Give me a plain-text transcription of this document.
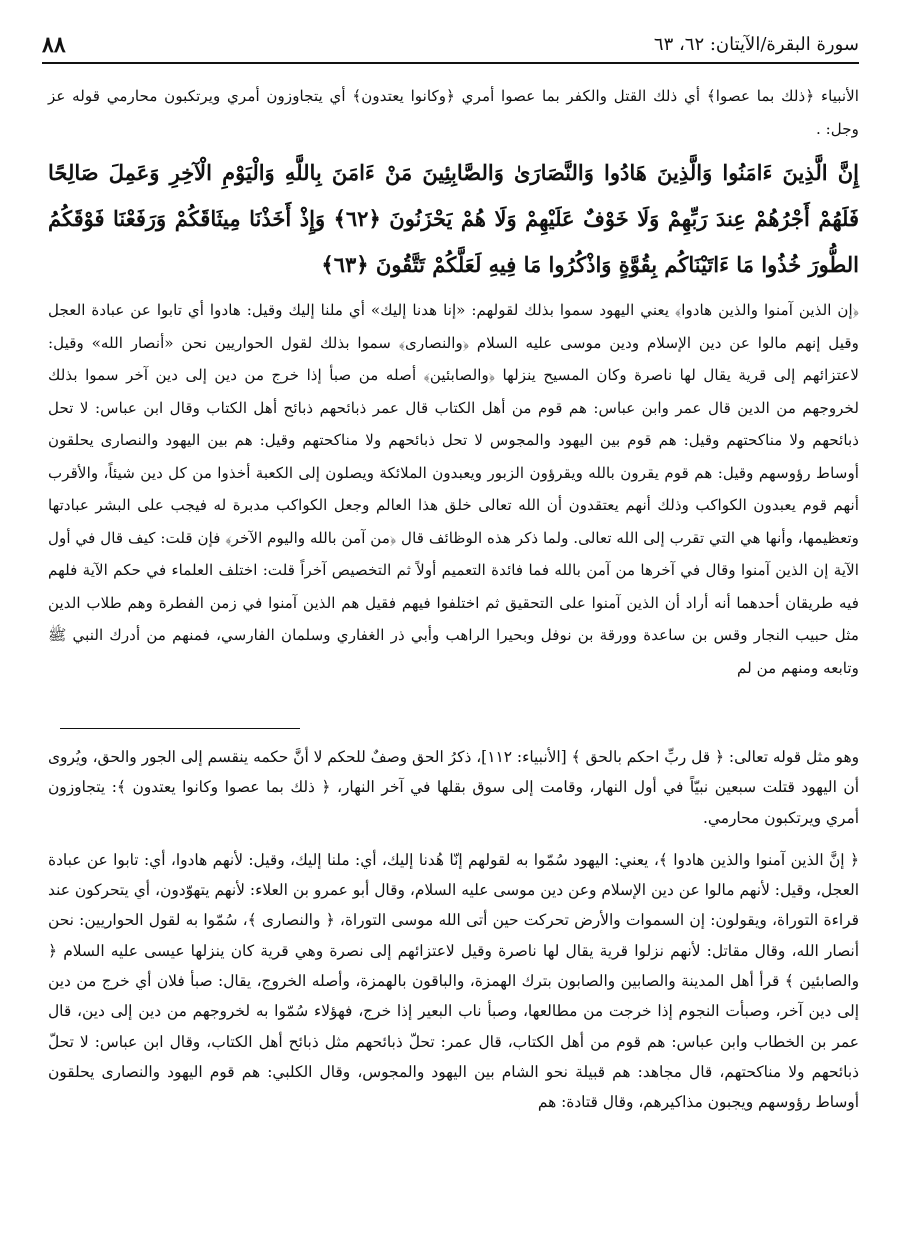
٨٨	سورة البقرة/الآيتان: ٦٢، ٦٣

الأنبياء ﴿ذلك بما عصوا﴾ أي ذلك القتل والكفر بما عصوا أمري ﴿وكانوا يعتدون﴾ أي يتجاوزون أمري ويرتكبون محارمي قوله عز وجل: .

إِنَّ الَّذِينَ ءَامَنُوا وَالَّذِينَ هَادُوا وَالنَّصَارَىٰ وَالصَّابِئِينَ مَنْ ءَامَنَ بِاللَّهِ وَالْيَوْمِ الْآخِرِ وَعَمِلَ صَالِحًا فَلَهُمْ أَجْرُهُمْ عِندَ رَبِّهِمْ وَلَا خَوْفٌ عَلَيْهِمْ وَلَا هُمْ يَحْزَنُونَ ﴿٦٢﴾ وَإِذْ أَخَذْنَا مِيثَاقَكُمْ وَرَفَعْنَا فَوْقَكُمُ الطُّورَ خُذُوا مَا ءَاتَيْنَاكُم بِقُوَّةٍ وَاذْكُرُوا مَا فِيهِ لَعَلَّكُمْ تَتَّقُونَ ﴿٦٣﴾

﴿إن الذين آمنوا والذين هادوا﴾ يعني اليهود سموا بذلك لقولهم: «إنا هدنا إليك» أي ملنا إليك وقيل: هادوا أي تابوا عن عبادة العجل وقيل إنهم مالوا عن دين الإسلام ودين موسى عليه السلام ﴿والنصارى﴾ سموا بذلك لقول الحواريين نحن «أنصار الله» وقيل: لاعتزائهم إلى قرية يقال لها ناصرة وكان المسيح ينزلها ﴿والصابئين﴾ أصله من صبأ إذا خرج من دين إلى دين آخر سموا بذلك لخروجهم من الدين قال عمر وابن عباس: هم قوم من أهل الكتاب قال عمر ذبائحهم ذبائح أهل الكتاب وقال ابن عباس: لا تحل ذبائحهم ولا مناكحتهم وقيل: هم قوم بين اليهود والمجوس لا تحل ذبائحهم ولا مناكحتهم وقيل: هم بين اليهود والنصارى يحلقون أوساط رؤوسهم وقيل: هم قوم يقرون بالله ويقرؤون الزبور ويعبدون الملائكة ويصلون إلى الكعبة أخذوا من كل دين شيئاً، والأقرب أنهم قوم يعبدون الكواكب وذلك أنهم يعتقدون أن الله تعالى خلق هذا العالم وجعل الكواكب مدبرة له فيجب على البشر عبادتها وتعظيمها، وأنها هي التي تقرب إلى الله تعالى. ولما ذكر هذه الوظائف قال ﴿من آمن بالله واليوم الآخر﴾ فإن قلت: كيف قال في أول الآية إن الذين آمنوا وقال في آخرها من آمن بالله فما فائدة التعميم أولاً ثم التخصيص آخراً قلت: اختلف العلماء في حكم الآية فلهم فيه طريقان أحدهما أنه أراد أن الذين آمنوا على التحقيق ثم اختلفوا فيهم فقيل هم الذين آمنوا في زمن الفطرة وهم طلاب الدين مثل حبيب النجار وقس بن ساعدة وورقة بن نوفل وبحيرا الراهب وأبي ذر الغفاري وسلمان الفارسي، فمنهم من أدرك النبي ﷺ وتابعه ومنهم من لم

وهو مثل قوله تعالى: ﴿ قل ربِّ احكم بالحق ﴾ [الأنبياء: ١١٢]، ذكرُ الحق وصفٌ للحكم لا أنَّ حكمه ينقسم إلى الجور والحق، ويُروى أن اليهود قتلت سبعين نبيّاً في أول النهار، وقامت إلى سوق بقلها في آخر النهار، ﴿ ذلك بما عصوا وكانوا يعتدون ﴾: يتجاوزون أمري ويرتكبون محارمي.

﴿ إنَّ الذين آمنوا والذين هادوا ﴾، يعني: اليهود سُمّوا به لقولهم إنّا هُدنا إليك، أي: ملنا إليك، وقيل: لأنهم هادوا، أي: تابوا عن عبادة العجل، وقيل: لأنهم مالوا عن دين الإسلام وعن دين موسى عليه السلام، وقال أبو عمرو بن العلاء: لأنهم يتهوّدون، أي يتحركون عند قراءة التوراة، ويقولون: إن السموات والأرض تحركت حين أتى الله موسى التوراة، ﴿ والنصارى ﴾، سُمّوا به لقول الحواريين: نحن أنصار الله، وقال مقاتل: لأنهم نزلوا قرية يقال لها ناصرة وقيل لاعتزائهم إلى نصرة وهي قرية كان ينزلها عيسى عليه السلام ﴿ والصابئين ﴾ قرأ أهل المدينة والصابين والصابون بترك الهمزة، والباقون بالهمزة، وأصله الخروج، يقال: صبأ فلان أي خرج من دين إلى دين آخر، وصبأت النجوم إذا خرجت من مطالعها، وصبأ ناب البعير إذا خرج، فهؤلاء سُمّوا به لخروجهم من دين إلى دين، قال عمر بن الخطاب وابن عباس: هم قوم من أهل الكتاب، قال عمر: تحلّ ذبائحهم مثل ذبائح أهل الكتاب، وقال ابن عباس: لا تحلّ ذبائحهم ولا مناكحتهم، قال مجاهد: هم قبيلة نحو الشام بين اليهود والمجوس، وقال الكلبي: هم قوم اليهود والنصارى يحلقون أوساط رؤوسهم ويجبون مذاكيرهم، وقال قتادة: هم
